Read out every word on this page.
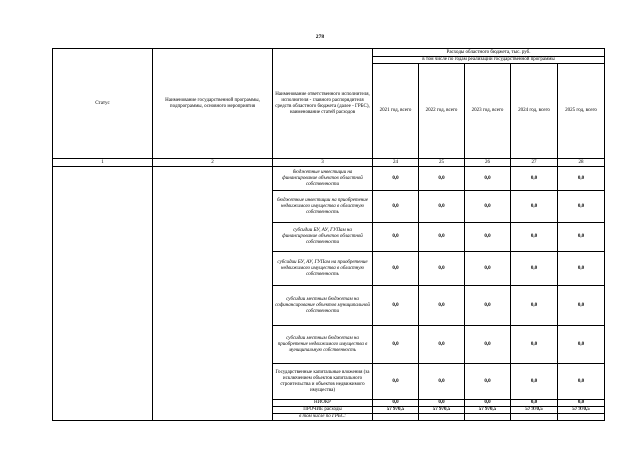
278
Статус	Наименование государственной программы, подпрограммы, основного мероприятия	Наименование ответственного исполнителя, исполнителя - главного распорядителя средств областного бюджета (далее - ГРБС), наименование статей расходов	Расходы областного бюджета, тыс. руб.				
			в том числе по годам реализации государственной программы				
			2021 год, всего	2022 год, всего	2023 год, всего	2024 год, всего	2025 год, всего
1	2	3	24	25	26	27	28
		бюджетные инвестиции на финансирование объектов областной собственности	0,0	0,0	0,0	0,0	0,0
		бюджетные инвестиции на приобретение недвижимого имущества в областную собственность	0,0	0,0	0,0	0,0	0,0
		субсидии БУ, АУ, ГУПам на финансирование объектов областной собственности	0,0	0,0	0,0	0,0	0,0
		субсидии БУ, АУ, ГУПам на приобретение недвижимого имущества в областную собственность	0,0	0,0	0,0	0,0	0,0
		субсидии местным бюджетам на софинансирование объектов муниципальной собственности	0,0	0,0	0,0	0,0	0,0
		субсидии местным бюджетам на приобретение недвижимого имущества в муниципальную собственность	0,0	0,0	0,0	0,0	0,0
		Государственные капитальные вложения (за исключением объектов капитального строительства и объектов недвижимого имущества)	0,0	0,0	0,0	0,0	0,0
		НИОКР	0,0	0,0	0,0	0,0	0,0
		ПРОЧИЕ расходы	57 970,5	57 970,5	57 970,5	57 970,5	57 970,5
		в том числе по ГРБС:					
